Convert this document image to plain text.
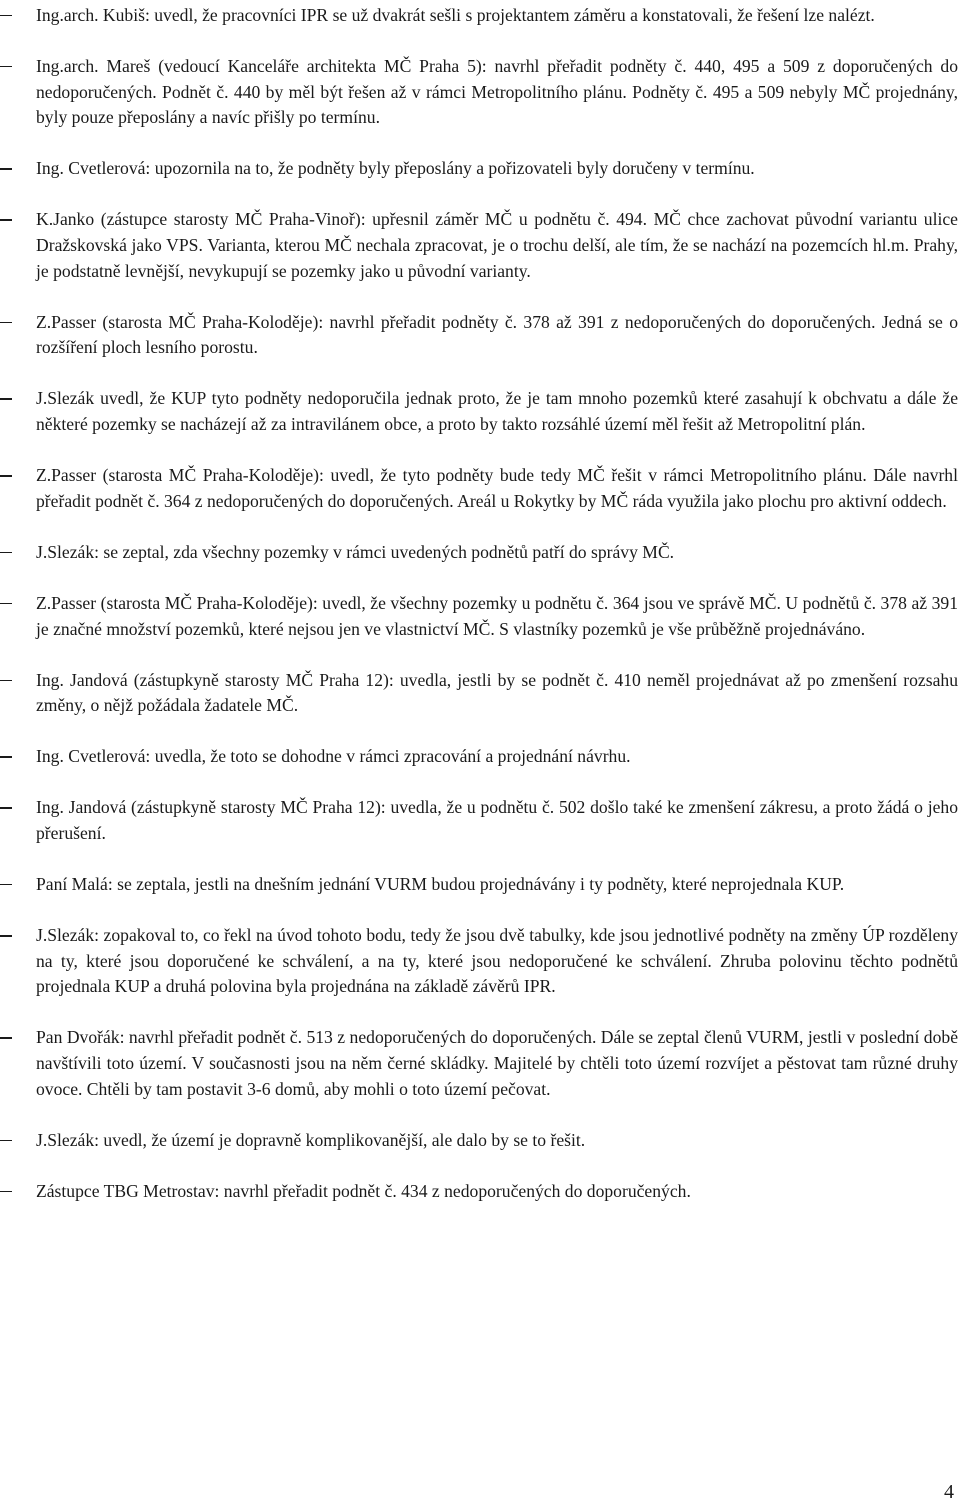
Ing.arch. Kubiš: uvedl, že pracovníci IPR se už dvakrát sešli s projektantem záměru a konstatovali, že řešení lze nalézt.
Ing.arch. Mareš (vedoucí Kanceláře architekta MČ Praha 5): navrhl přeřadit podněty č. 440, 495 a 509 z doporučených do nedoporučených. Podnět č. 440 by měl být řešen až v rámci Metropolitního plánu. Podněty č. 495 a 509 nebyly MČ projednány, byly pouze přeposlány a navíc přišly po termínu.
Ing. Cvetlerová: upozornila na to, že podněty byly přeposlány a pořizovateli byly doručeny v termínu.
K.Janko (zástupce starosty MČ Praha-Vinoř): upřesnil záměr MČ u podnětu č. 494. MČ chce zachovat původní variantu ulice Dražskovská jako VPS. Varianta, kterou MČ nechala zpracovat, je o trochu delší, ale tím, že se nachází na pozemcích hl.m. Prahy, je podstatně levnější, nevykupují se pozemky jako u původní varianty.
Z.Passer (starosta MČ Praha-Koloděje): navrhl přeřadit podněty č. 378 až 391 z nedoporučených do doporučených. Jedná se o rozšíření ploch lesního porostu.
J.Slezák uvedl, že KUP tyto podněty nedoporučila jednak proto, že je tam mnoho pozemků které zasahují k obchvatu a dále že některé pozemky se nacházejí až za intravilánem obce, a proto by takto rozsáhlé území měl řešit až Metropolitní plán.
Z.Passer (starosta MČ Praha-Koloděje): uvedl, že tyto podněty bude tedy MČ řešit v rámci Metropolitního plánu. Dále navrhl přeřadit podnět č. 364 z nedoporučených do doporučených. Areál u Rokytky by MČ ráda využila jako plochu pro aktivní oddech.
J.Slezák: se zeptal, zda všechny pozemky v rámci uvedených podnětů patří do správy MČ.
Z.Passer (starosta MČ Praha-Koloděje): uvedl, že všechny pozemky u podnětu č. 364 jsou ve správě MČ. U podnětů č. 378 až 391 je značné množství pozemků, které nejsou jen ve vlastnictví MČ. S vlastníky pozemků je vše průběžně projednáváno.
Ing. Jandová (zástupkyně starosty MČ Praha 12): uvedla, jestli by se podnět č. 410 neměl projednávat až po zmenšení rozsahu změny, o nějž požádala žadatele MČ.
Ing. Cvetlerová: uvedla, že toto se dohodne v rámci zpracování a projednání návrhu.
Ing. Jandová (zástupkyně starosty MČ Praha 12): uvedla, že u podnětu č. 502 došlo také ke zmenšení zákresu, a proto žádá o jeho přerušení.
Paní Malá: se zeptala, jestli na dnešním jednání VURM budou projednávány i ty podněty, které neprojednala KUP.
J.Slezák: zopakoval to, co řekl na úvod tohoto bodu, tedy že jsou dvě tabulky, kde jsou jednotlivé podněty na změny ÚP rozděleny na ty, které jsou doporučené ke schválení, a na ty, které jsou nedoporučené ke schválení. Zhruba polovinu těchto podnětů projednala KUP a druhá polovina byla projednána na základě závěrů IPR.
Pan Dvořák: navrhl přeřadit podnět č. 513 z nedoporučených do doporučených. Dále se zeptal členů VURM, jestli v poslední době navštívili toto území. V současnosti jsou na něm černé skládky. Majitelé by chtěli toto území rozvíjet a pěstovat tam různé druhy ovoce. Chtěli by tam postavit 3-6 domů, aby mohli o toto území pečovat.
J.Slezák: uvedl, že území je dopravně komplikovanější, ale dalo by se to řešit.
Zástupce TBG Metrostav: navrhl přeřadit podnět č. 434 z nedoporučených do doporučených.
4
